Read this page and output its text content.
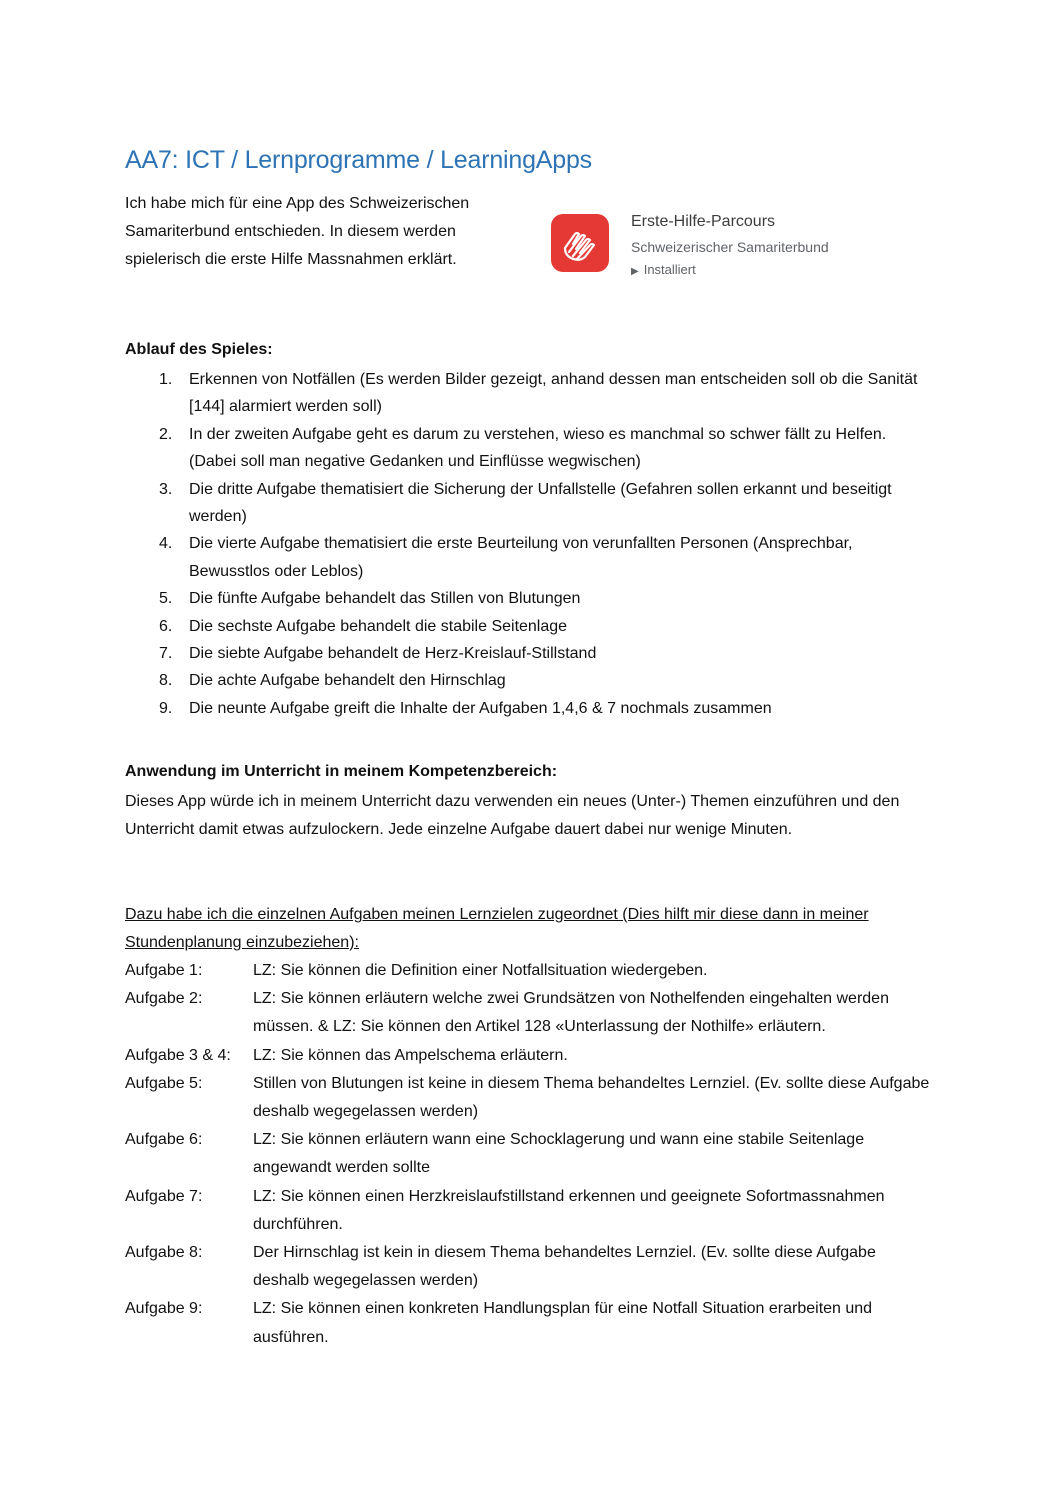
AA7: ICT / Lernprogramme / LearningApps
Ich habe mich für eine App des Schweizerischen Samariterbund entschieden. In diesem werden spielerisch die erste Hilfe Massnahmen erklärt.
Erste-Hilfe-Parcours
Schweizerischer Samariterbund
▶ Installiert
Ablauf des Spieles:
1. Erkennen von Notfällen (Es werden Bilder gezeigt, anhand dessen man entscheiden soll ob die Sanität [144] alarmiert werden soll)
2. In der zweiten Aufgabe geht es darum zu verstehen, wieso es manchmal so schwer fällt zu Helfen. (Dabei soll man negative Gedanken und Einflüsse wegwischen)
3. Die dritte Aufgabe thematisiert die Sicherung der Unfallstelle (Gefahren sollen erkannt und beseitigt werden)
4. Die vierte Aufgabe thematisiert die erste Beurteilung von verunfallten Personen (Ansprechbar, Bewusstlos oder Leblos)
5. Die fünfte Aufgabe behandelt das Stillen von Blutungen
6. Die sechste Aufgabe behandelt die stabile Seitenlage
7. Die siebte Aufgabe behandelt de Herz-Kreislauf-Stillstand
8. Die achte Aufgabe behandelt den Hirnschlag
9. Die neunte Aufgabe greift die Inhalte der Aufgaben 1,4,6 & 7 nochmals zusammen
Anwendung im Unterricht in meinem Kompetenzbereich:
Dieses App würde ich in meinem Unterricht dazu verwenden ein neues (Unter-) Themen einzuführen und den Unterricht damit etwas aufzulockern. Jede einzelne Aufgabe dauert dabei nur wenige Minuten.
Dazu habe ich die einzelnen Aufgaben meinen Lernzielen zugeordnet (Dies hilft mir diese dann in meiner Stundenplanung einzubeziehen):
Aufgabe 1:	LZ: Sie können die Definition einer Notfallsituation wiedergeben.
Aufgabe 2:	LZ: Sie können erläutern welche zwei Grundsätzen von Nothelfenden eingehalten werden müssen. & LZ: Sie können den Artikel 128 «Unterlassung der Nothilfe» erläutern.
Aufgabe 3 & 4: LZ: Sie können das Ampelschema erläutern.
Aufgabe 5:	Stillen von Blutungen ist keine in diesem Thema behandeltes Lernziel. (Ev. sollte diese Aufgabe deshalb wegegelassen werden)
Aufgabe 6:	LZ: Sie können erläutern wann eine Schocklagerung und wann eine stabile Seitenlage angewandt werden sollte
Aufgabe 7:	LZ: Sie können einen Herzkreislaufstillstand erkennen und geeignete Sofortmassnahmen durchführen.
Aufgabe 8:	Der Hirnschlag ist kein in diesem Thema behandeltes Lernziel. (Ev. sollte diese Aufgabe deshalb wegegelassen werden)
Aufgabe 9:	LZ: Sie können einen konkreten Handlungsplan für eine Notfall Situation erarbeiten und ausführen.
